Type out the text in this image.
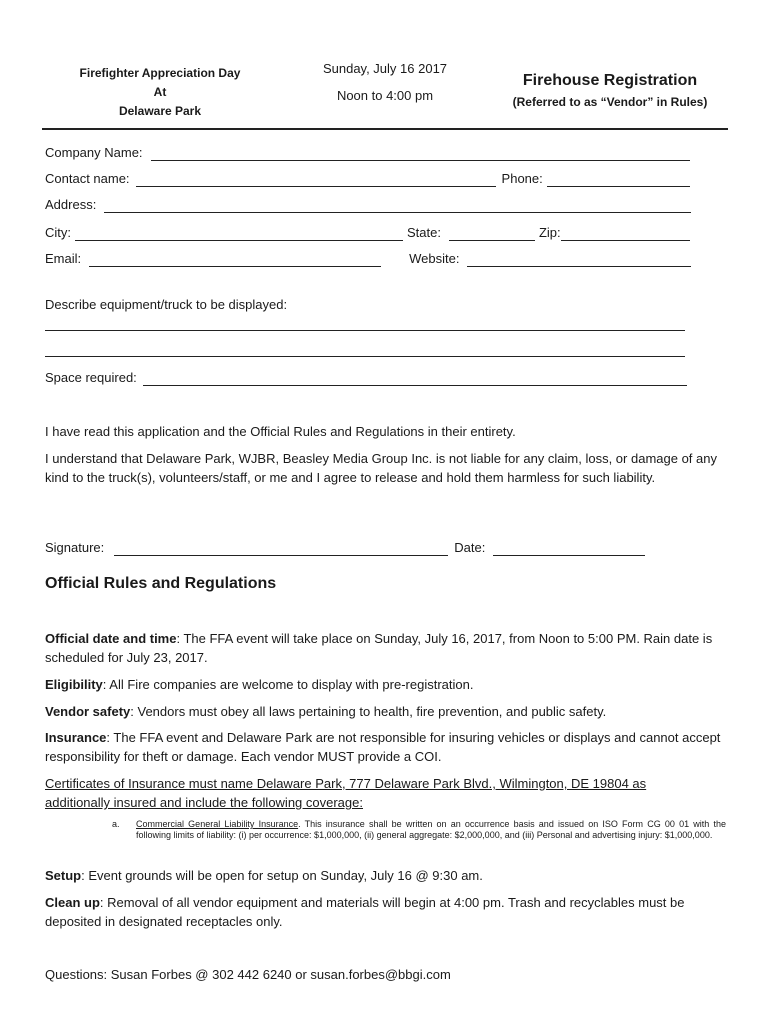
Firefighter Appreciation Day
At
Delaware Park
Sunday, July 16 2017
Noon to 4:00 pm
Firehouse Registration
(Referred to as “Vendor” in Rules)
Company Name:
Contact name:	Phone:
Address:
City:	State:	Zip:
Email:	Website:
Describe equipment/truck to be displayed:
Space required:
I have read this application and the Official Rules and Regulations in their entirety.
I understand that Delaware Park, WJBR, Beasley Media Group Inc. is not liable for any claim, loss, or damage of any kind to the truck(s), volunteers/staff, or me and I agree to release and hold them harmless for such liability.
Signature:	Date:
Official Rules and Regulations
Official date and time: The FFA event will take place on Sunday, July 16, 2017, from Noon to 5:00 PM. Rain date is scheduled for July 23, 2017.
Eligibility: All Fire companies are welcome to display with pre-registration.
Vendor safety: Vendors must obey all laws pertaining to health, fire prevention, and public safety.
Insurance: The FFA event and Delaware Park are not responsible for insuring vehicles or displays and cannot accept responsibility for theft or damage. Each vendor MUST provide a COI.
Certificates of Insurance must name Delaware Park, 777 Delaware Park Blvd., Wilmington, DE 19804 as additionally insured and include the following coverage:
a. Commercial General Liability Insurance. This insurance shall be written on an occurrence basis and issued on ISO Form CG 00 01 with the following limits of liability: (i) per occurrence: $1,000,000, (ii) general aggregate: $2,000,000, and (iii) Personal and advertising injury: $1,000,000.
Setup: Event grounds will be open for setup on Sunday, July 16 @ 9:30 am.
Clean up: Removal of all vendor equipment and materials will begin at 4:00 pm. Trash and recyclables must be deposited in designated receptacles only.
Questions: Susan Forbes @ 302 442 6240 or susan.forbes@bbgi.com
